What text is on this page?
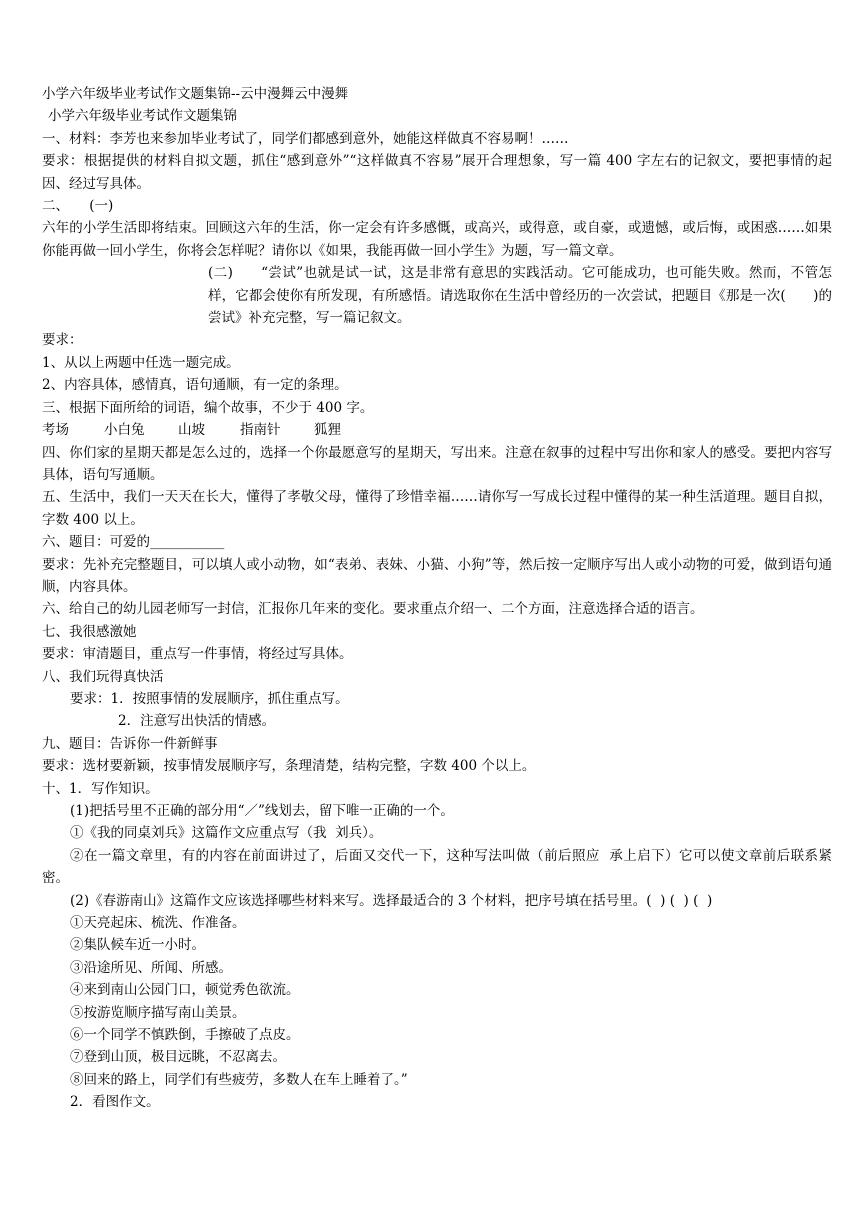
小学六年级毕业考试作文题集锦--云中漫舞云中漫舞

小学六年级毕业考试作文题集锦

一、材料：李芳也来参加毕业考试了，同学们都感到意外，她能这样做真不容易啊！……

要求：根据提供的材料自拟文题，抓住“感到意外”“这样做真不容易”展开合理想象，写一篇 400 字左右的记叙文，要把事情的起因、经过写具体。

二、　　(一)

六年的小学生活即将结束。回顾这六年的生活，你一定会有许多感慨，或高兴，或得意，或自豪，或遗憾，或后悔，或困惑……如果你能再做一回小学生，你将会怎样呢？请你以《如果，我能再做一回小学生》为题，写一篇文章。

(二)　　“尝试”也就是试一试，这是非常有意思的实践活动。它可能成功，也可能失败。然而，不管怎样，它都会使你有所发现，有所感悟。请选取你在生活中曾经历的一次尝试，把题目《那是一次(　　)的尝试》补充完整，写一篇记叙文。

要求：

1、从以上两题中任选一题完成。

2、内容具体，感情真，语句通顺，有一定的条理。

三、根据下面所给的词语，编个故事，不少于 400 字。

考场	小白兔	山坡	指南针	狐狸

四、你们家的星期天都是怎么过的，选择一个你最愿意写的星期天，写出来。注意在叙事的过程中写出你和家人的感受。要把内容写具体，语句写通顺。

五、生活中，我们一天天在长大，懂得了孝敬父母，懂得了珍惜幸福……请你写一写成长过程中懂得的某一种生活道理。题目自拟，字数 400 以上。

六、题目：可爱的___________

要求：先补充完整题目，可以填人或小动物，如“表弟、表妹、小猫、小狗”等，然后按一定顺序写出人或小动物的可爱，做到语句通顺，内容具体。

六、给自己的幼儿园老师写一封信，汇报你几年来的变化。要求重点介绍一、二个方面，注意选择合适的语言。

七、我很感激她

要求：审清题目，重点写一件事情，将经过写具体。

八、我们玩得真快活

要求：1．按照事情的发展顺序，抓住重点写。

2．注意写出快活的情感。

九、题目：告诉你一件新鲜事

要求：选材要新颖，按事情发展顺序写，条理清楚，结构完整，字数 400 个以上。

十、1．写作知识。

(1)把括号里不正确的部分用“／”线划去，留下唯一正确的一个。

①《我的同桌刘兵》这篇作文应重点写（我  刘兵）。

②在一篇文章里，有的内容在前面讲过了，后面又交代一下，这种写法叫做（前后照应  承上启下）它可以使文章前后联系紧密。

(2)《春游南山》这篇作文应该选择哪些材料来写。选择最适合的 3 个材料，把序号填在括号里。(  ) (  ) (  )

①天亮起床、梳洗、作准备。

②集队候车近一小时。

③沿途所见、所闻、所感。

④来到南山公园门口，顿觉秀色欲流。

⑤按游览顺序描写南山美景。

⑥一个同学不慎跌倒，手擦破了点皮。

⑦登到山顶，极目远眺，不忍离去。

⑧回来的路上，同学们有些疲劳，多数人在车上睡着了。”

2．看图作文。
